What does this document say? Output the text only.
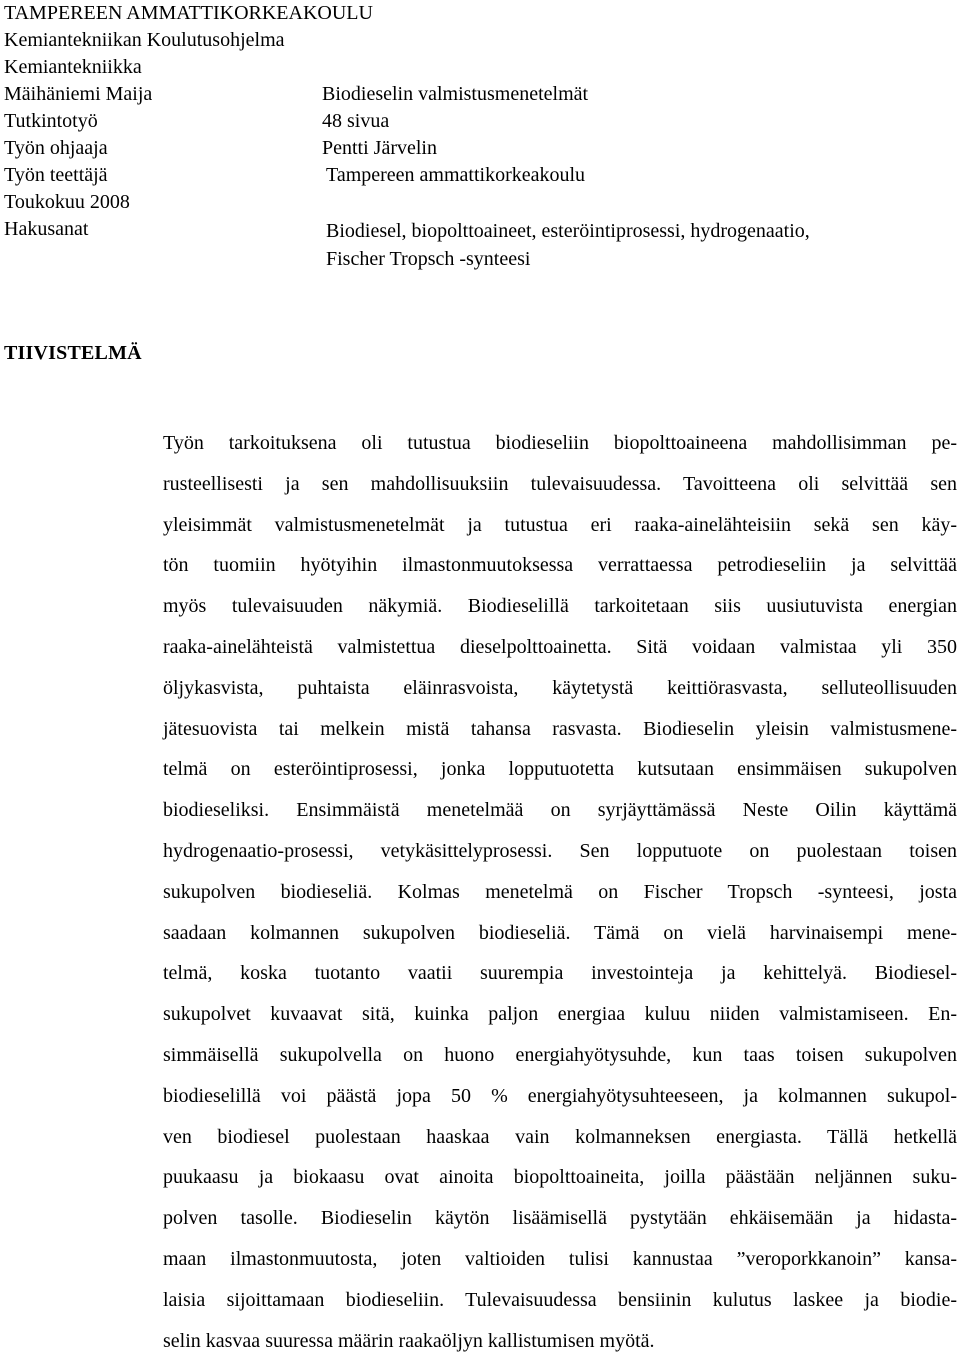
TAMPEREEN AMMATTIKORKEAKOULU
Kemiantekniikan Koulutusohjelma
Kemiantekniikka
Mäihäniemi Maija	Biodieselin valmistusmenetelmät
Tutkintotyö	48 sivua
Työn ohjaaja	Pentti Järvelin
Työn teettäjä	Tampereen ammattikorkeakoulu
Toukokuu 2008
Hakusanat	Biodiesel, biopolttoaineet, esteröintiprosessi, hydrogenaatio,
Fischer Tropsch -synteesi
TIIVISTELMÄ
Työn tarkoituksena oli tutustua biodieseliin biopolttoaineena mahdollisimman pe-
rusteellisesti ja sen mahdollisuuksiin tulevaisuudessa. Tavoitteena oli selvittää sen
yleisimmät valmistusmenetelmät ja tutustua eri raaka-ainelähteisiin sekä sen käy-
tön tuomiin hyötyihin ilmastonmuutoksessa verrattaessa petrodieseliin ja selvittää
myös tulevaisuuden näkymiä. Biodieselillä tarkoitetaan siis uusiutuvista energian
raaka-ainelähteistä valmistettua dieselpolttoainetta. Sitä voidaan valmistaa yli 350
öljykasvista, puhtaista eläinrasvoista, käytetystä keittiörasvasta, selluteollisuuden
jätesuovista tai melkein mistä tahansa rasvasta. Biodieselin yleisin valmistusmene-
telmä on esteröintiprosessi, jonka lopputuotetta kutsutaan ensimmäisen sukupolven
biodieseliksi. Ensimmäistä menetelmää on syrjäyttämässä Neste Oilin käyttämä
hydrogenaatio-prosessi, vetykäsittelyprosessi. Sen lopputuote on puolestaan toisen
sukupolven biodieseliä. Kolmas menetelmä on Fischer Tropsch -synteesi, josta
saadaan kolmannen sukupolven biodieseliä. Tämä on vielä harvinaisempi mene-
telmä, koska tuotanto vaatii suurempia investointeja ja kehittelyä. Biodiesel-
sukupolvet kuvaavat sitä, kuinka paljon energiaa kuluu niiden valmistamiseen. En-
simmäisellä sukupolvella on huono energiahyötysuhde, kun taas toisen sukupolven
biodieselillä voi päästä jopa 50 % energiahyötysuhteeseen, ja kolmannen sukupol-
ven biodiesel puolestaan haaskaa vain kolmanneksen energiasta. Tällä hetkellä
puukaasu ja biokaasu ovat ainoita biopolttoaineita, joilla päästään neljännen suku-
polven tasolle. Biodieselin käytön lisäämisellä pystytään ehkäisemään ja hidasta-
maan ilmastonmuutosta, joten valtioiden tulisi kannustaa ”veroporkkanoin” kansa-
laisia sijoittamaan biodieseliin. Tulevaisuudessa bensiinin kulutus laskee ja biodie-
selin kasvaa suuressa määrin raakaöljyn kallistumisen myötä.
